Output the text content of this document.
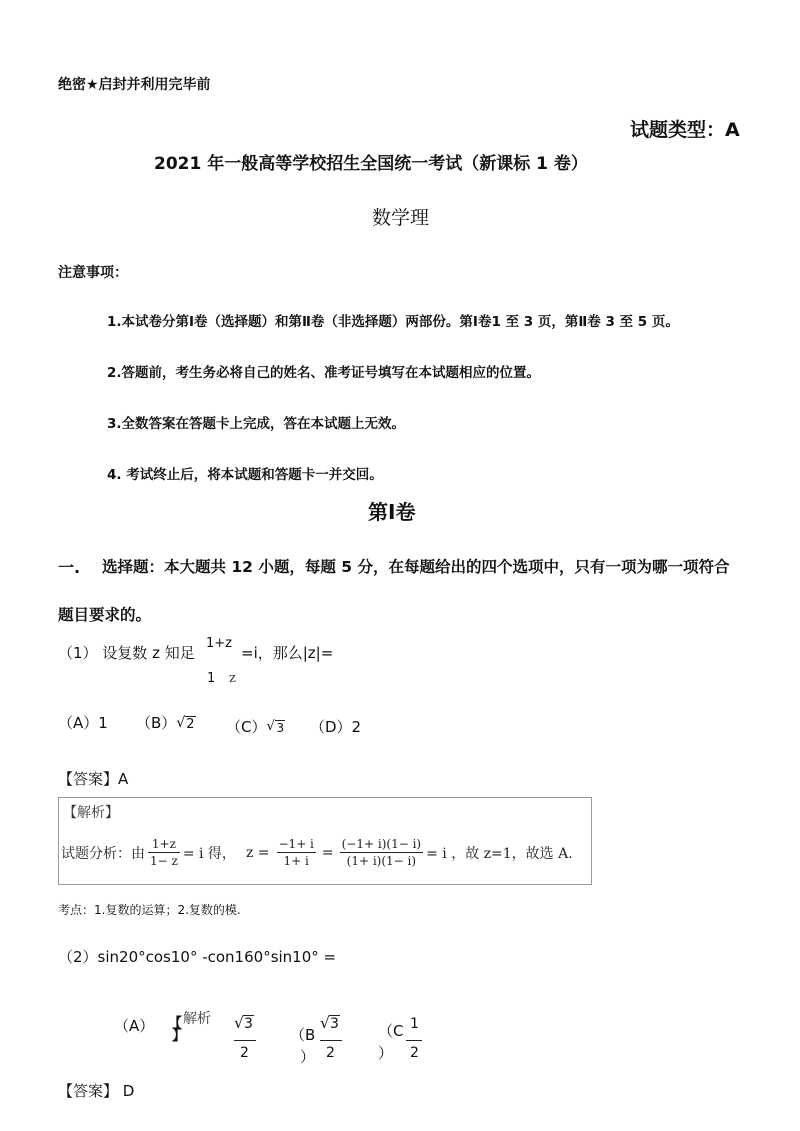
绝密★启封并利用完毕前
试题类型：A
2021 年一般高等学校招生全国统一考试（新课标 1 卷）
数学理
注意事项：
1.本试卷分第Ⅰ卷（选择题）和第Ⅱ卷（非选择题）两部份。第Ⅰ卷1 至 3 页，第Ⅱ卷 3 至 5 页。
2.答题前，考生务必将自己的姓名、准考证号填写在本试题相应的位置。
3.全数答案在答题卡上完成，答在本试题上无效。
4. 考试终止后，将本试题和答题卡一并交回。
第Ⅰ卷
一. 选择题：本大题共 12 小题，每题 5 分，在每题给出的四个选项中，只有一项为哪一项符合
题目要求的。
（1） 设复数 z 知足
1+z
=i，那么|z|=
1 z
（A）1 （B） √ 2 （C） √ 3 （D）2
【答案】A
【解析】
试题分析：由 $\frac{1+z}{1- z} = i$ 得， $z = \frac{-1+ i}{1+ i} = \frac{(-1+ i)(1- i)}{(1+ i)(1- i)} = i$ ，故 z=1，故选 A.
考点：1.复数的运算；2.复数的模.
（2）sin20°cos10° -con160°sin10° =
（A） 【 解析
】
√ 3
2
（B
）
√ 3
2
（C
）
1
2
【答案】 D
